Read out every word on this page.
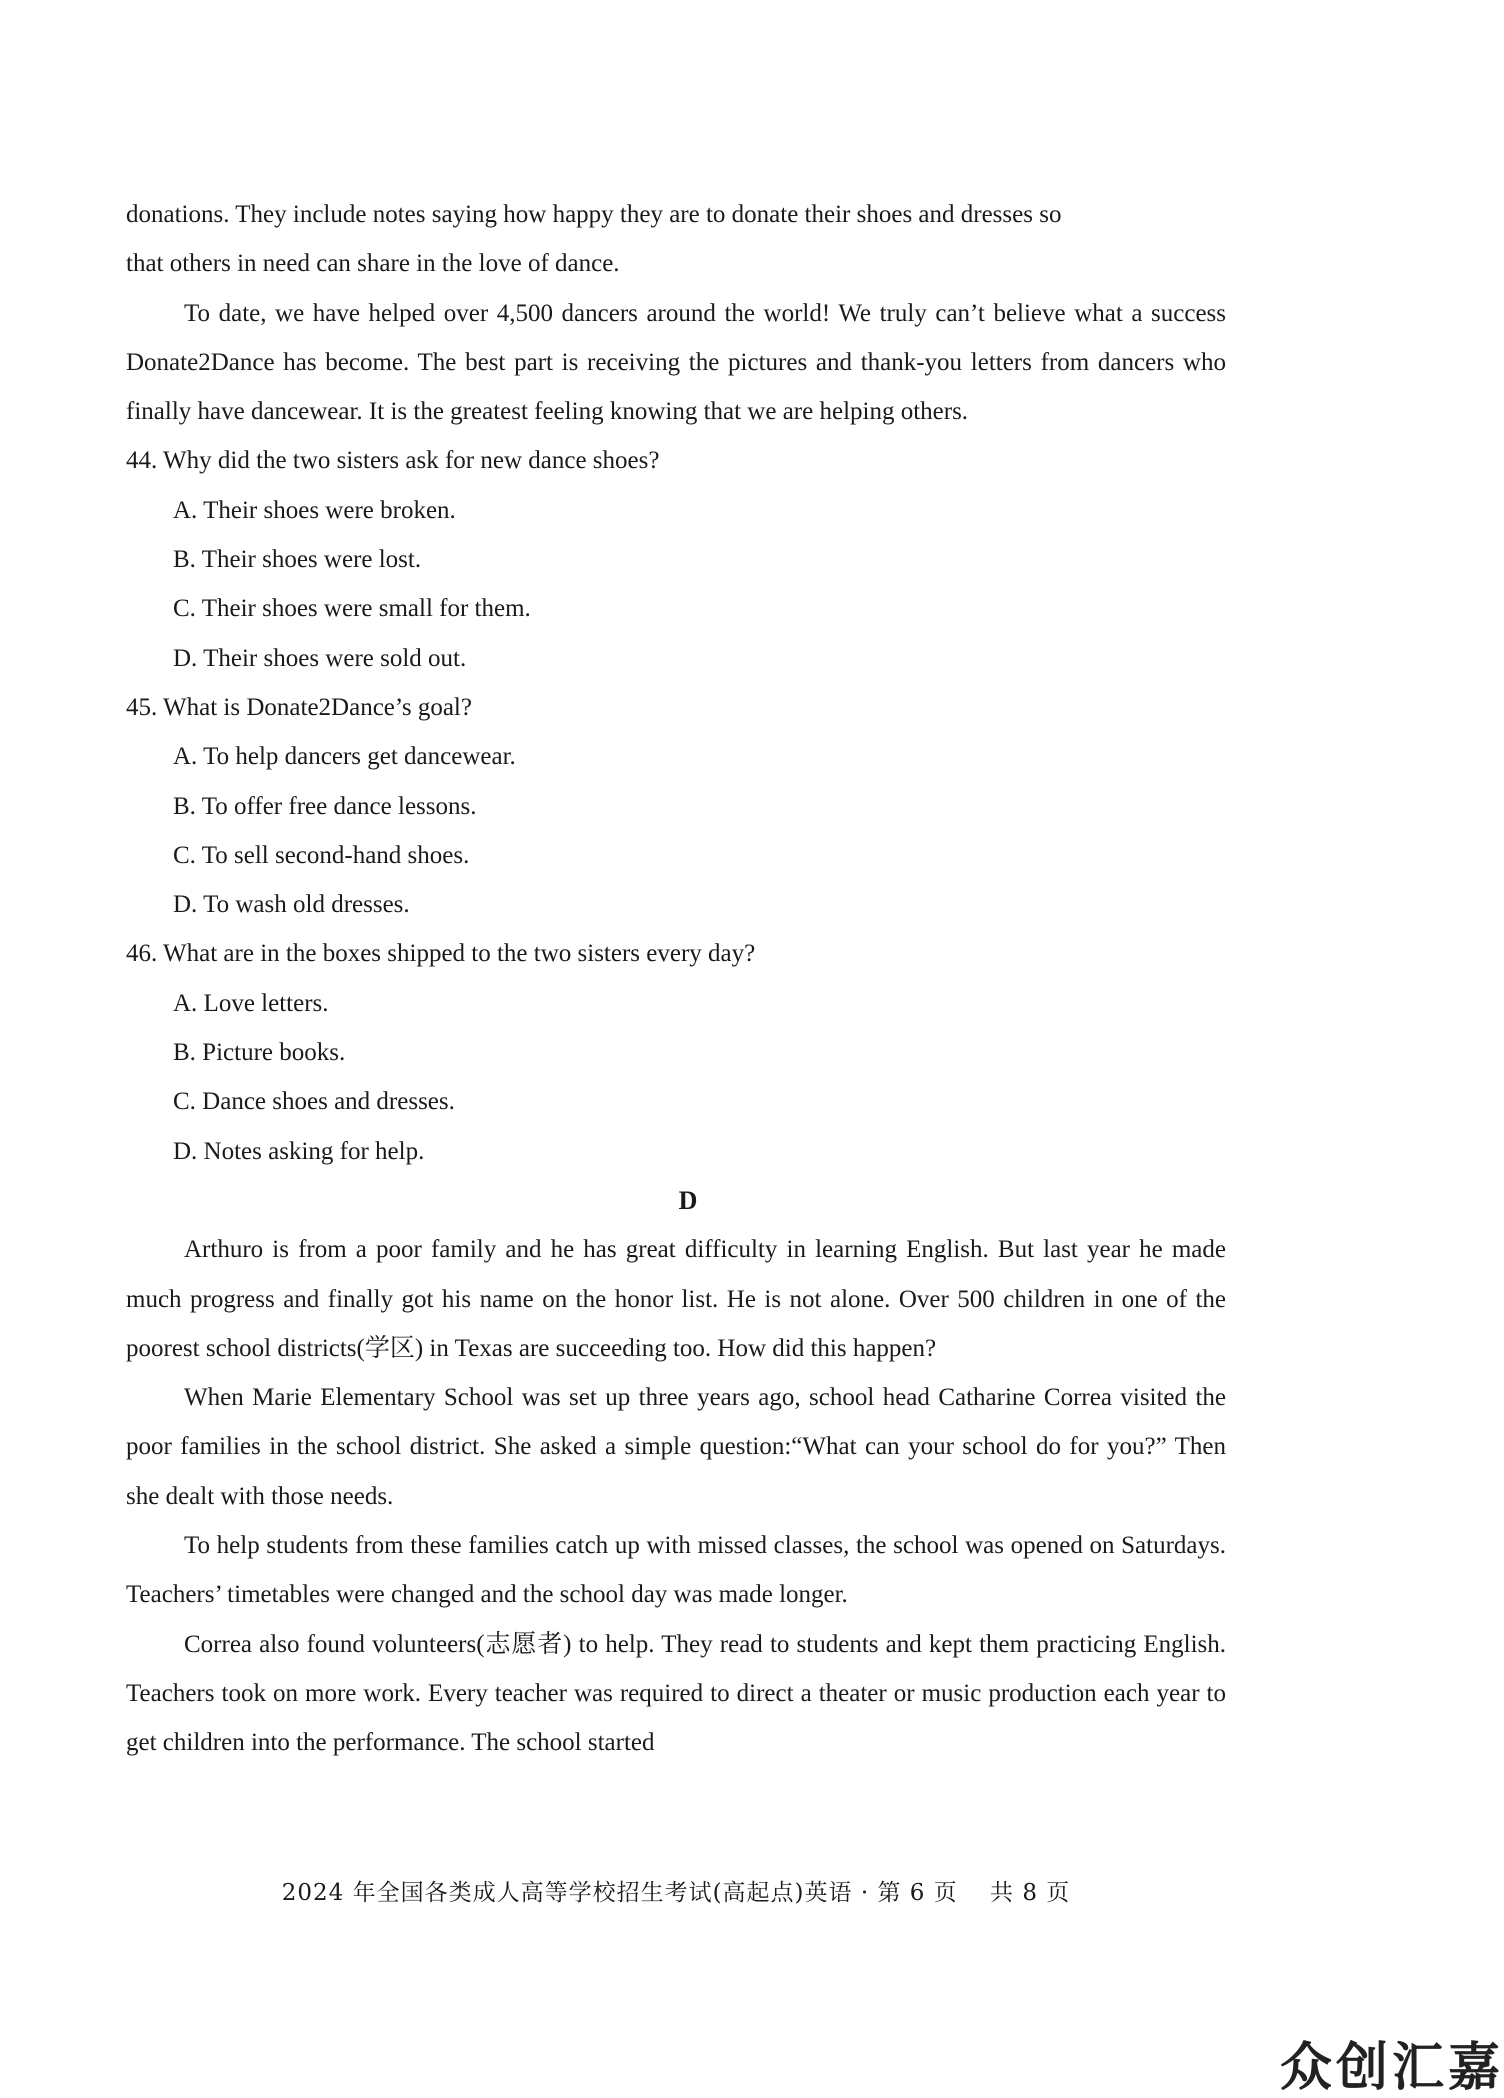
donations. They include notes saying how happy they are to donate their shoes and dresses so
that others in need can share in the love of dance.

To date, we have helped over 4,500 dancers around the world! We truly can’t believe what a success Donate2Dance has become. The best part is receiving the pictures and thank-you letters from dancers who finally have dancewear. It is the greatest feeling knowing that we are helping others.

44. Why did the two sisters ask for new dance shoes?

A. Their shoes were broken.

B. Their shoes were lost.

C. Their shoes were small for them.

D. Their shoes were sold out.

45. What is Donate2Dance’s goal?

A. To help dancers get dancewear.

B. To offer free dance lessons.

C. To sell second-hand shoes.

D. To wash old dresses.

46. What are in the boxes shipped to the two sisters every day?

A. Love letters.

B. Picture books.

C. Dance shoes and dresses.

D. Notes asking for help.

D

Arthuro is from a poor family and he has great difficulty in learning English. But last year he made much progress and finally got his name on the honor list. He is not alone. Over 500 children in one of the poorest school districts(学区) in Texas are succeeding too. How did this happen?

When Marie Elementary School was set up three years ago, school head Catharine Correa visited the poor families in the school district. She asked a simple question:“What can your school do for you?” Then she dealt with those needs.

To help students from these families catch up with missed classes, the school was opened on Saturdays. Teachers’ timetables were changed and the school day was made longer.

Correa also found volunteers(志愿者) to help. They read to students and kept them practicing English. Teachers took on more work. Every teacher was required to direct a theater or music production each year to get children into the performance. The school started

2024 年全国各类成人高等学校招生考试(高起点)英语 · 第 6 页　 共 8 页
众创汇嘉
